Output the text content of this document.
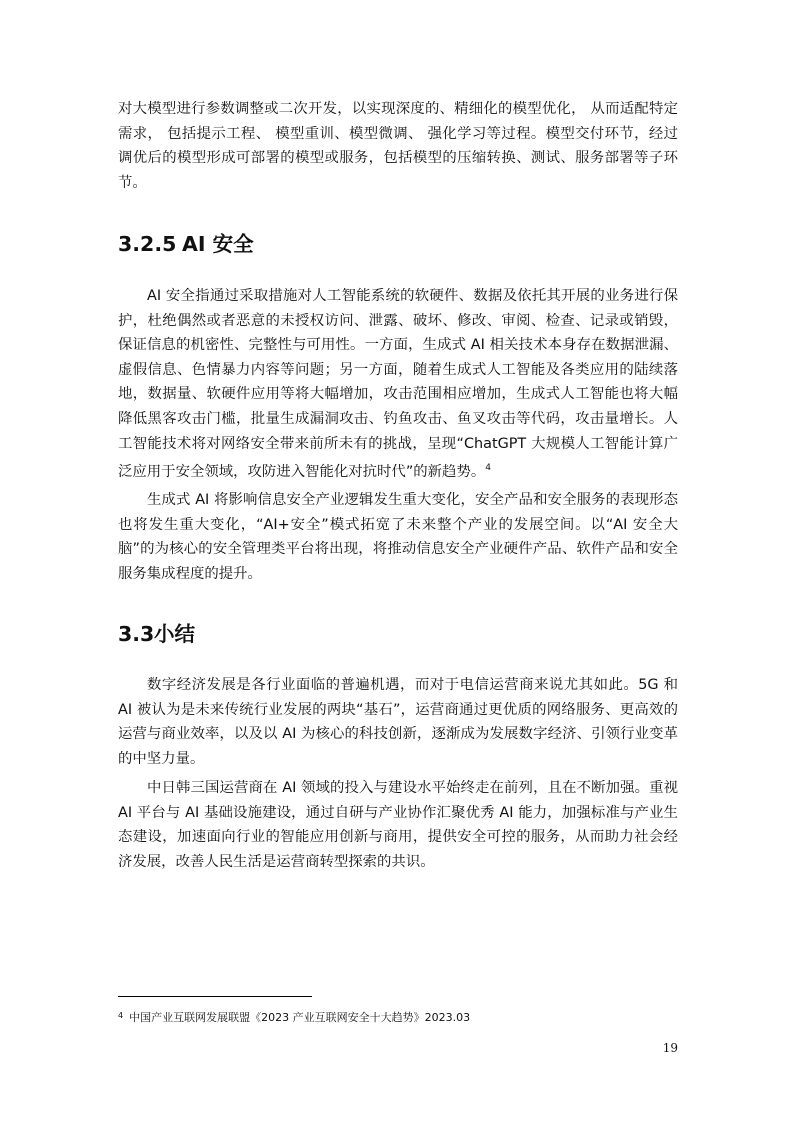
对大模型进行参数调整或二次开发，以实现深度的、精细化的模型优化， 从而适配特定需求， 包括提示工程、 模型重训、模型微调、 强化学习等过程。模型交付环节，经过调优后的模型形成可部署的模型或服务，包括模型的压缩转换、测试、服务部署等子环节。

3.2.5 AI 安全

AI 安全指通过采取措施对人工智能系统的软硬件、数据及依托其开展的业务进行保护，杜绝偶然或者恶意的未授权访问、泄露、破坏、修改、审阅、检查、记录或销毁，保证信息的机密性、完整性与可用性。一方面，生成式 AI 相关技术本身存在数据泄漏、虚假信息、色情暴力内容等问题；另一方面，随着生成式人工智能及各类应用的陆续落地，数据量、软硬件应用等将大幅增加，攻击范围相应增加，生成式人工智能也将大幅降低黑客攻击门槛，批量生成漏洞攻击、钓鱼攻击、鱼叉攻击等代码，攻击量增长。人工智能技术将对网络安全带来前所未有的挑战，呈现“ChatGPT 大规模人工智能计算广泛应用于安全领域，攻防进入智能化对抗时代”的新趋势。$^4$

生成式 AI 将影响信息安全产业逻辑发生重大变化，安全产品和安全服务的表现形态也将发生重大变化，“AI+安全”模式拓宽了未来整个产业的发展空间。以“AI 安全大脑”的为核心的安全管理类平台将出现，将推动信息安全产业硬件产品、软件产品和安全服务集成程度的提升。

3.3小结

数字经济发展是各行业面临的普遍机遇，而对于电信运营商来说尤其如此。5G 和 AI 被认为是未来传统行业发展的两块“基石”，运营商通过更优质的网络服务、更高效的运营与商业效率，以及以 AI 为核心的科技创新，逐渐成为发展数字经济、引领行业变革的中坚力量。

中日韩三国运营商在 AI 领域的投入与建设水平始终走在前列，且在不断加强。重视 AI 平台与 AI 基础设施建设，通过自研与产业协作汇聚优秀 AI 能力，加强标准与产业生态建设，加速面向行业的智能应用创新与商用，提供安全可控的服务，从而助力社会经济发展，改善人民生活是运营商转型探索的共识。

$^4$ 中国产业互联网发展联盟《2023 产业互联网安全十大趋势》2023.03

19
